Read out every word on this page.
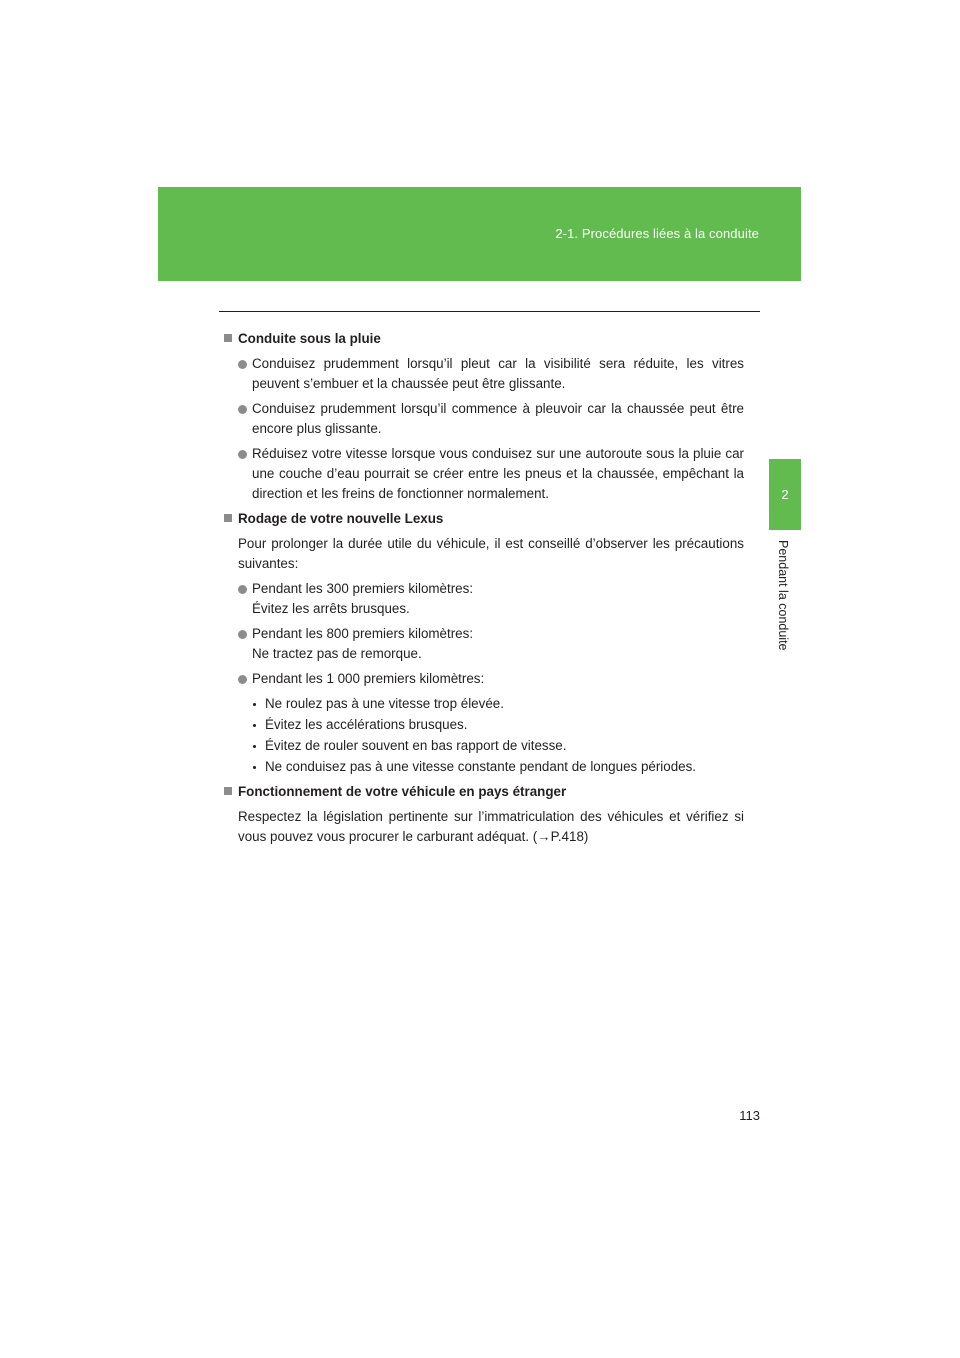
2-1. Procédures liées à la conduite
2
Pendant la conduite
Conduite sous la pluie
Conduisez prudemment lorsqu’il pleut car la visibilité sera réduite, les vitres peuvent s’embuer et la chaussée peut être glissante.
Conduisez prudemment lorsqu’il commence à pleuvoir car la chaussée peut être encore plus glissante.
Réduisez votre vitesse lorsque vous conduisez sur une autoroute sous la pluie car une couche d’eau pourrait se créer entre les pneus et la chaussée, empêchant la direction et les freins de fonctionner normalement.
Rodage de votre nouvelle Lexus
Pour prolonger la durée utile du véhicule, il est conseillé d’observer les précautions suivantes:
Pendant les 300 premiers kilomètres:
Évitez les arrêts brusques.
Pendant les 800 premiers kilomètres:
Ne tractez pas de remorque.
Pendant les 1 000 premiers kilomètres:
Ne roulez pas à une vitesse trop élevée.
Évitez les accélérations brusques.
Évitez de rouler souvent en bas rapport de vitesse.
Ne conduisez pas à une vitesse constante pendant de longues périodes.
Fonctionnement de votre véhicule en pays étranger
Respectez la législation pertinente sur l’immatriculation des véhicules et vérifiez si vous pouvez vous procurer le carburant adéquat. (→P.418)
113
